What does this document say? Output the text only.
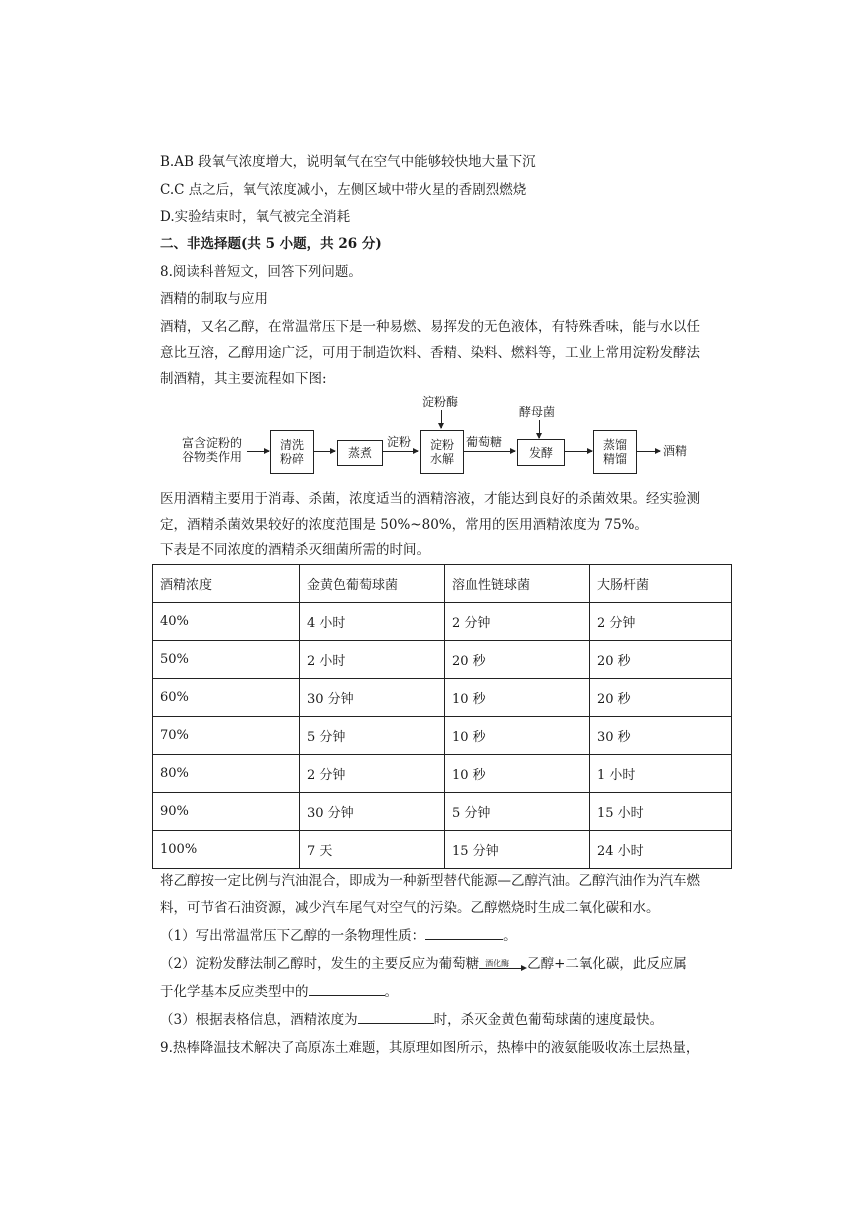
B.AB 段氧气浓度增大，说明氧气在空气中能够较快地大量下沉
C.C 点之后，氧气浓度减小，左侧区域中带火星的香剧烈燃烧
D.实验结束时，氧气被完全消耗
二、非选择题(共 5 小题，共 26 分)
8.阅读科普短文，回答下列问题。
酒精的制取与应用
酒精，又名乙醇，在常温常压下是一种易燃、易挥发的无色液体，有特殊香味，能与水以任
意比互溶，乙醇用途广泛，可用于制造饮料、香精、染料、燃料等，工业上常用淀粉发酵法
制酒精，其主要流程如下图:
富含淀粉的
谷物类作用
清洗
粉碎	蒸煮
淀粉
淀粉酶
淀粉
水解
葡萄糖
酵母菌
发酵
蒸馏
精馏
酒精
医用酒精主要用于消毒、杀菌，浓度适当的酒精溶液，才能达到良好的杀菌效果。经实验测
定，酒精杀菌效果较好的浓度范围是 50%~80%，常用的医用酒精浓度为 75%。
下表是不同浓度的酒精杀灭细菌所需的时间。
酒精浓度	金黄色葡萄球菌	溶血性链球菌	大肠杆菌
40%	4 小时	2 分钟	2 分钟
50%	2 小时	20 秒	20 秒
60%	30 分钟	10 秒	20 秒
70%	5 分钟	10 秒	30 秒
80%	2 分钟	10 秒	1 小时
90%	30 分钟	5 分钟	15 小时
100%	7 天	15 分钟	24 小时
将乙醇按一定比例与汽油混合，即成为一种新型替代能源—乙醇汽油。乙醇汽油作为汽车燃
料，可节省石油资源，减少汽车尾气对空气的污染。乙醇燃烧时生成二氧化碳和水。
（1）写出常温常压下乙醇的一条物理性质：	。
（2）淀粉发酵法制乙醇时，发生的主要反应为葡萄糖 酒化酶 乙醇+二氧化碳，此反应属
于化学基本反应类型中的	。
（3）根据表格信息，酒精浓度为	时，杀灭金黄色葡萄球菌的速度最快。
9.热棒降温技术解决了高原冻土难题，其原理如图所示，热棒中的液氨能吸收冻土层热量，
